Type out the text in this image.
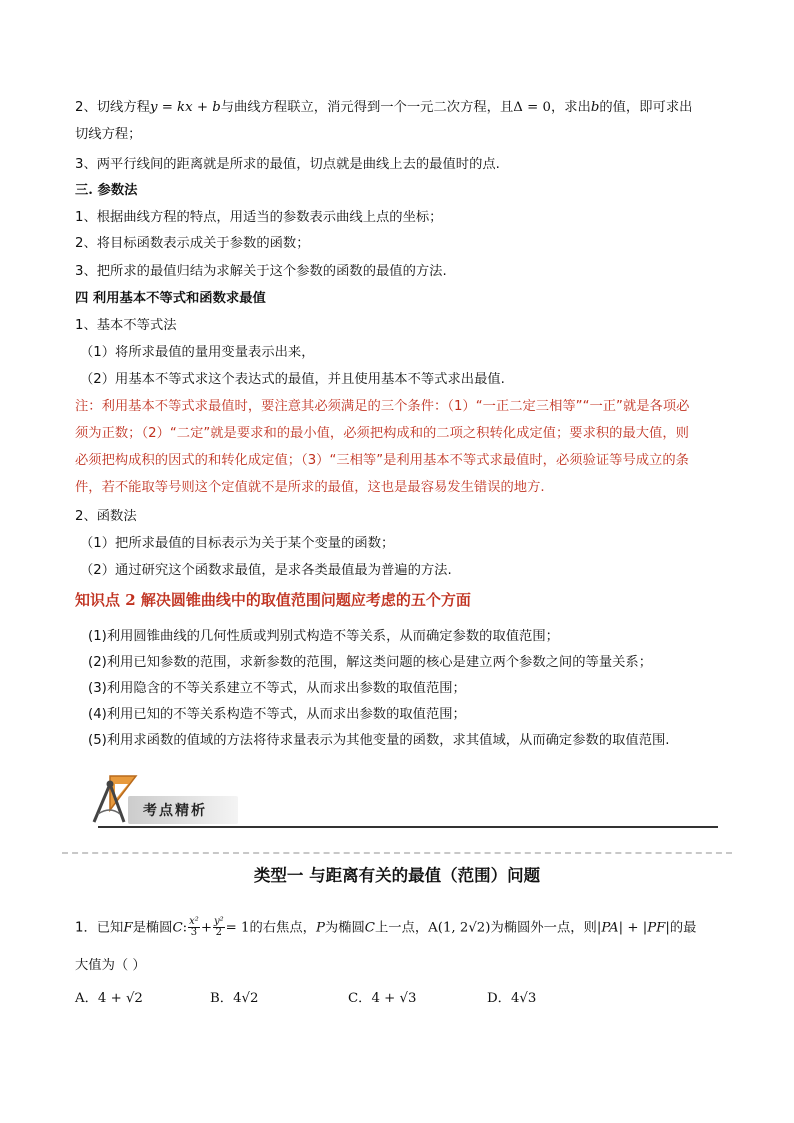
2、切线方程y = kx + b与曲线方程联立，消元得到一个一元二次方程，且Δ = 0，求出b的值，即可求出
切线方程；
3、两平行线间的距离就是所求的最值，切点就是曲线上去的最值时的点.
三. 参数法
1、根据曲线方程的特点，用适当的参数表示曲线上点的坐标；
2、将目标函数表示成关于参数的函数；
3、把所求的最值归结为求解关于这个参数的函数的最值的方法.
四 利用基本不等式和函数求最值
1、基本不等式法
（1）将所求最值的量用变量表示出来，
（2）用基本不等式求这个表达式的最值，并且使用基本不等式求出最值.
注：利用基本不等式求最值时，要注意其必须满足的三个条件：（1）“一正二定三相等”“一正”就是各项必
须为正数；（2）“二定”就是要求和的最小值，必须把构成和的二项之积转化成定值；要求积的最大值，则
必须把构成积的因式的和转化成定值；（3）“三相等”是利用基本不等式求最值时，必须验证等号成立的条
件，若不能取等号则这个定值就不是所求的最值，这也是最容易发生错误的地方.
2、函数法
（1）把所求最值的目标表示为关于某个变量的函数；
（2）通过研究这个函数求最值，是求各类最值最为普遍的方法.
知识点 2 解决圆锥曲线中的取值范围问题应考虑的五个方面
(1)利用圆锥曲线的几何性质或判别式构造不等关系，从而确定参数的取值范围；
(2)利用已知参数的范围，求新参数的范围，解这类问题的核心是建立两个参数之间的等量关系；
(3)利用隐含的不等关系建立不等式，从而求出参数的取值范围；
(4)利用已知的不等关系构造不等式，从而求出参数的取值范围；
(5)利用求函数的值域的方法将待求量表示为其他变量的函数，求其值域，从而确定参数的取值范围.
考点精析
类型一 与距离有关的最值（范围）问题
1．已知F是椭圆C: $\frac{\text{x²}}{3} + \frac{\text{y²}}{2} = 1$的右焦点，P为椭圆C上一点，A(1, 2√2)为椭圆外一点，则|PA| + |PF|的最
大值为（ ）
A．4 + √2	B．4√2	C．4 + √3	D．4√3
